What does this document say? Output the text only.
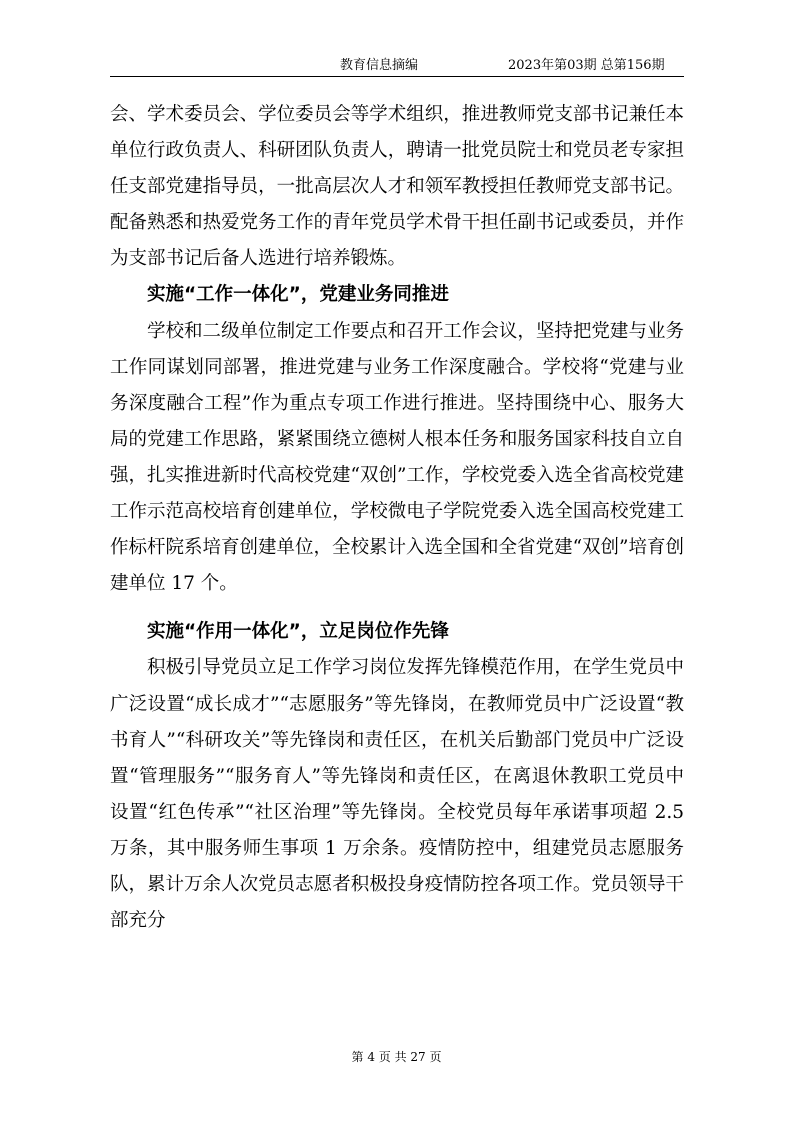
教育信息摘编	2023年第03期 总第156期

会、学术委员会、学位委员会等学术组织，推进教师党支部书记兼任本单位行政负责人、科研团队负责人，聘请一批党员院士和党员老专家担任支部党建指导员，一批高层次人才和领军教授担任教师党支部书记。配备熟悉和热爱党务工作的青年党员学术骨干担任副书记或委员，并作为支部书记后备人选进行培养锻炼。

实施“工作一体化”，党建业务同推进

学校和二级单位制定工作要点和召开工作会议，坚持把党建与业务工作同谋划同部署，推进党建与业务工作深度融合。学校将“党建与业务深度融合工程”作为重点专项工作进行推进。坚持围绕中心、服务大局的党建工作思路，紧紧围绕立德树人根本任务和服务国家科技自立自强，扎实推进新时代高校党建“双创”工作，学校党委入选全省高校党建工作示范高校培育创建单位，学校微电子学院党委入选全国高校党建工作标杆院系培育创建单位，全校累计入选全国和全省党建“双创”培育创建单位 17 个。

实施“作用一体化”，立足岗位作先锋

积极引导党员立足工作学习岗位发挥先锋模范作用，在学生党员中广泛设置“成长成才”“志愿服务”等先锋岗，在教师党员中广泛设置“教书育人”“科研攻关”等先锋岗和责任区，在机关后勤部门党员中广泛设置“管理服务”“服务育人”等先锋岗和责任区，在离退休教职工党员中设置“红色传承”“社区治理”等先锋岗。全校党员每年承诺事项超 2.5 万条，其中服务师生事项 1 万余条。疫情防控中，组建党员志愿服务队，累计万余人次党员志愿者积极投身疫情防控各项工作。党员领导干部充分

第 4 页 共 27 页
